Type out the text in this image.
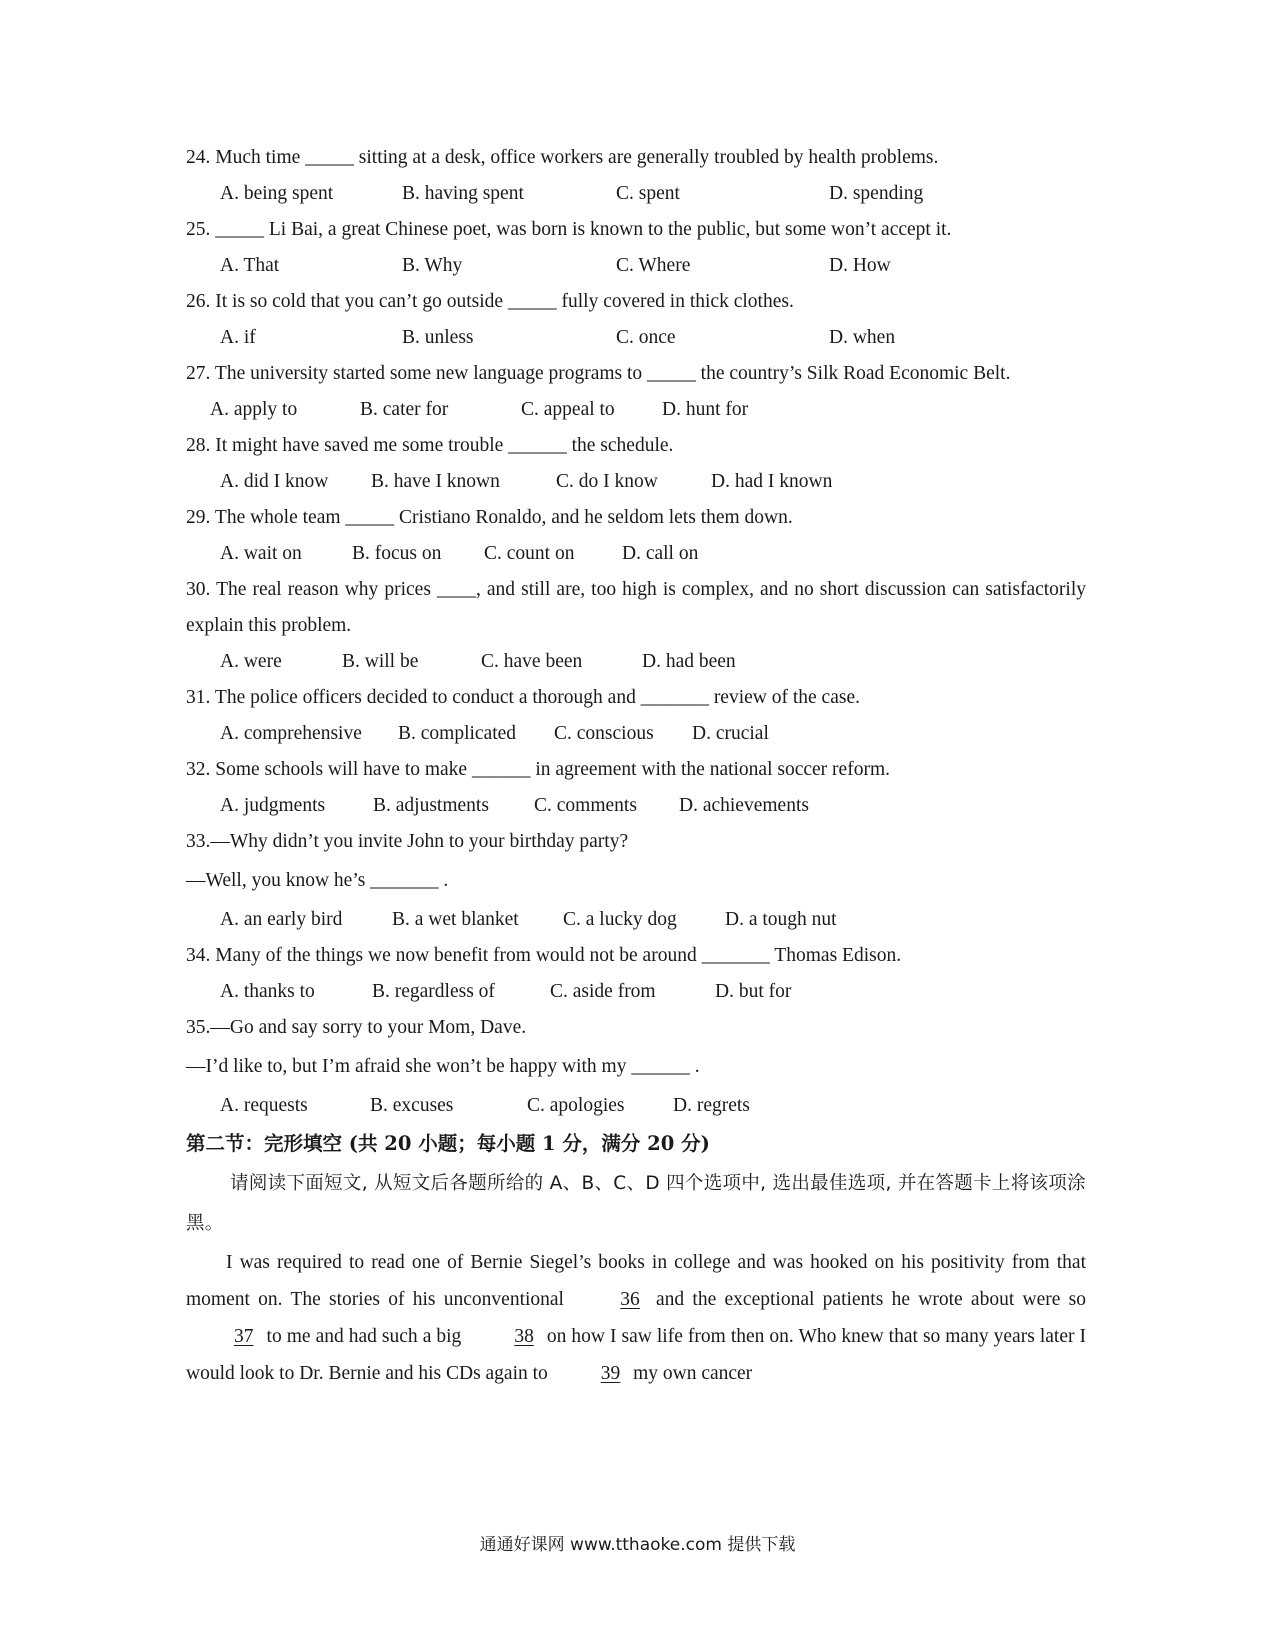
24. Much time _____ sitting at a desk, office workers are generally troubled by health problems.
A. being spent	B. having spent	C. spent	D. spending
25. _____ Li Bai, a great Chinese poet, was born is known to the public, but some won’t accept it.
A. That	B. Why	C. Where	D. How
26. It is so cold that you can’t go outside _____ fully covered in thick clothes.
A. if	B. unless	C. once	D. when
27. The university started some new language programs to _____ the country’s Silk Road Economic Belt.
A. apply to	B. cater for	C. appeal to	D. hunt for
28. It might have saved me some trouble ______ the schedule.
A. did I know	B. have I known	C. do I know	D. had I known
29. The whole team _____ Cristiano Ronaldo, and he seldom lets them down.
A. wait on	B. focus on	C. count on	D. call on
30. The real reason why prices ____, and still are, too high is complex, and no short discussion can satisfactorily explain this problem.
A. were	B. will be	C. have been	D. had been
31. The police officers decided to conduct a thorough and _______ review of the case.
A. comprehensive	B. complicated	C. conscious	D. crucial
32. Some schools will have to make ______ in agreement with the national soccer reform.
A. judgments	B. adjustments	C. comments	D. achievements
33.—Why didn’t you invite John to your birthday party?
—Well, you know he’s _______ .
A. an early bird	B. a wet blanket	C. a lucky dog	D. a tough nut
34. Many of the things we now benefit from would not be around _______ Thomas Edison.
A. thanks to	B. regardless of	C. aside from	D. but for
35.—Go and say sorry to your Mom, Dave.
—I’d like to, but I’m afraid she won’t be happy with my ______ .
A. requests	B. excuses	C. apologies	D. regrets
第二节：完形填空 (共 20 小题；每小题 1 分，满分 20 分)
请阅读下面短文, 从短文后各题所给的 A、B、C、D 四个选项中, 选出最佳选项, 并在答题卡上将该项涂黑。
I was required to read one of Bernie Siegel’s books in college and was hooked on his positivity from that moment on. The stories of his unconventional 36 and the exceptional patients he wrote about were so 37 to me and had such a big 38 on how I saw life from then on. Who knew that so many years later I would look to Dr. Bernie and his CDs again to 39 my own cancer
通通好课网 www.tthaoke.com 提供下载
